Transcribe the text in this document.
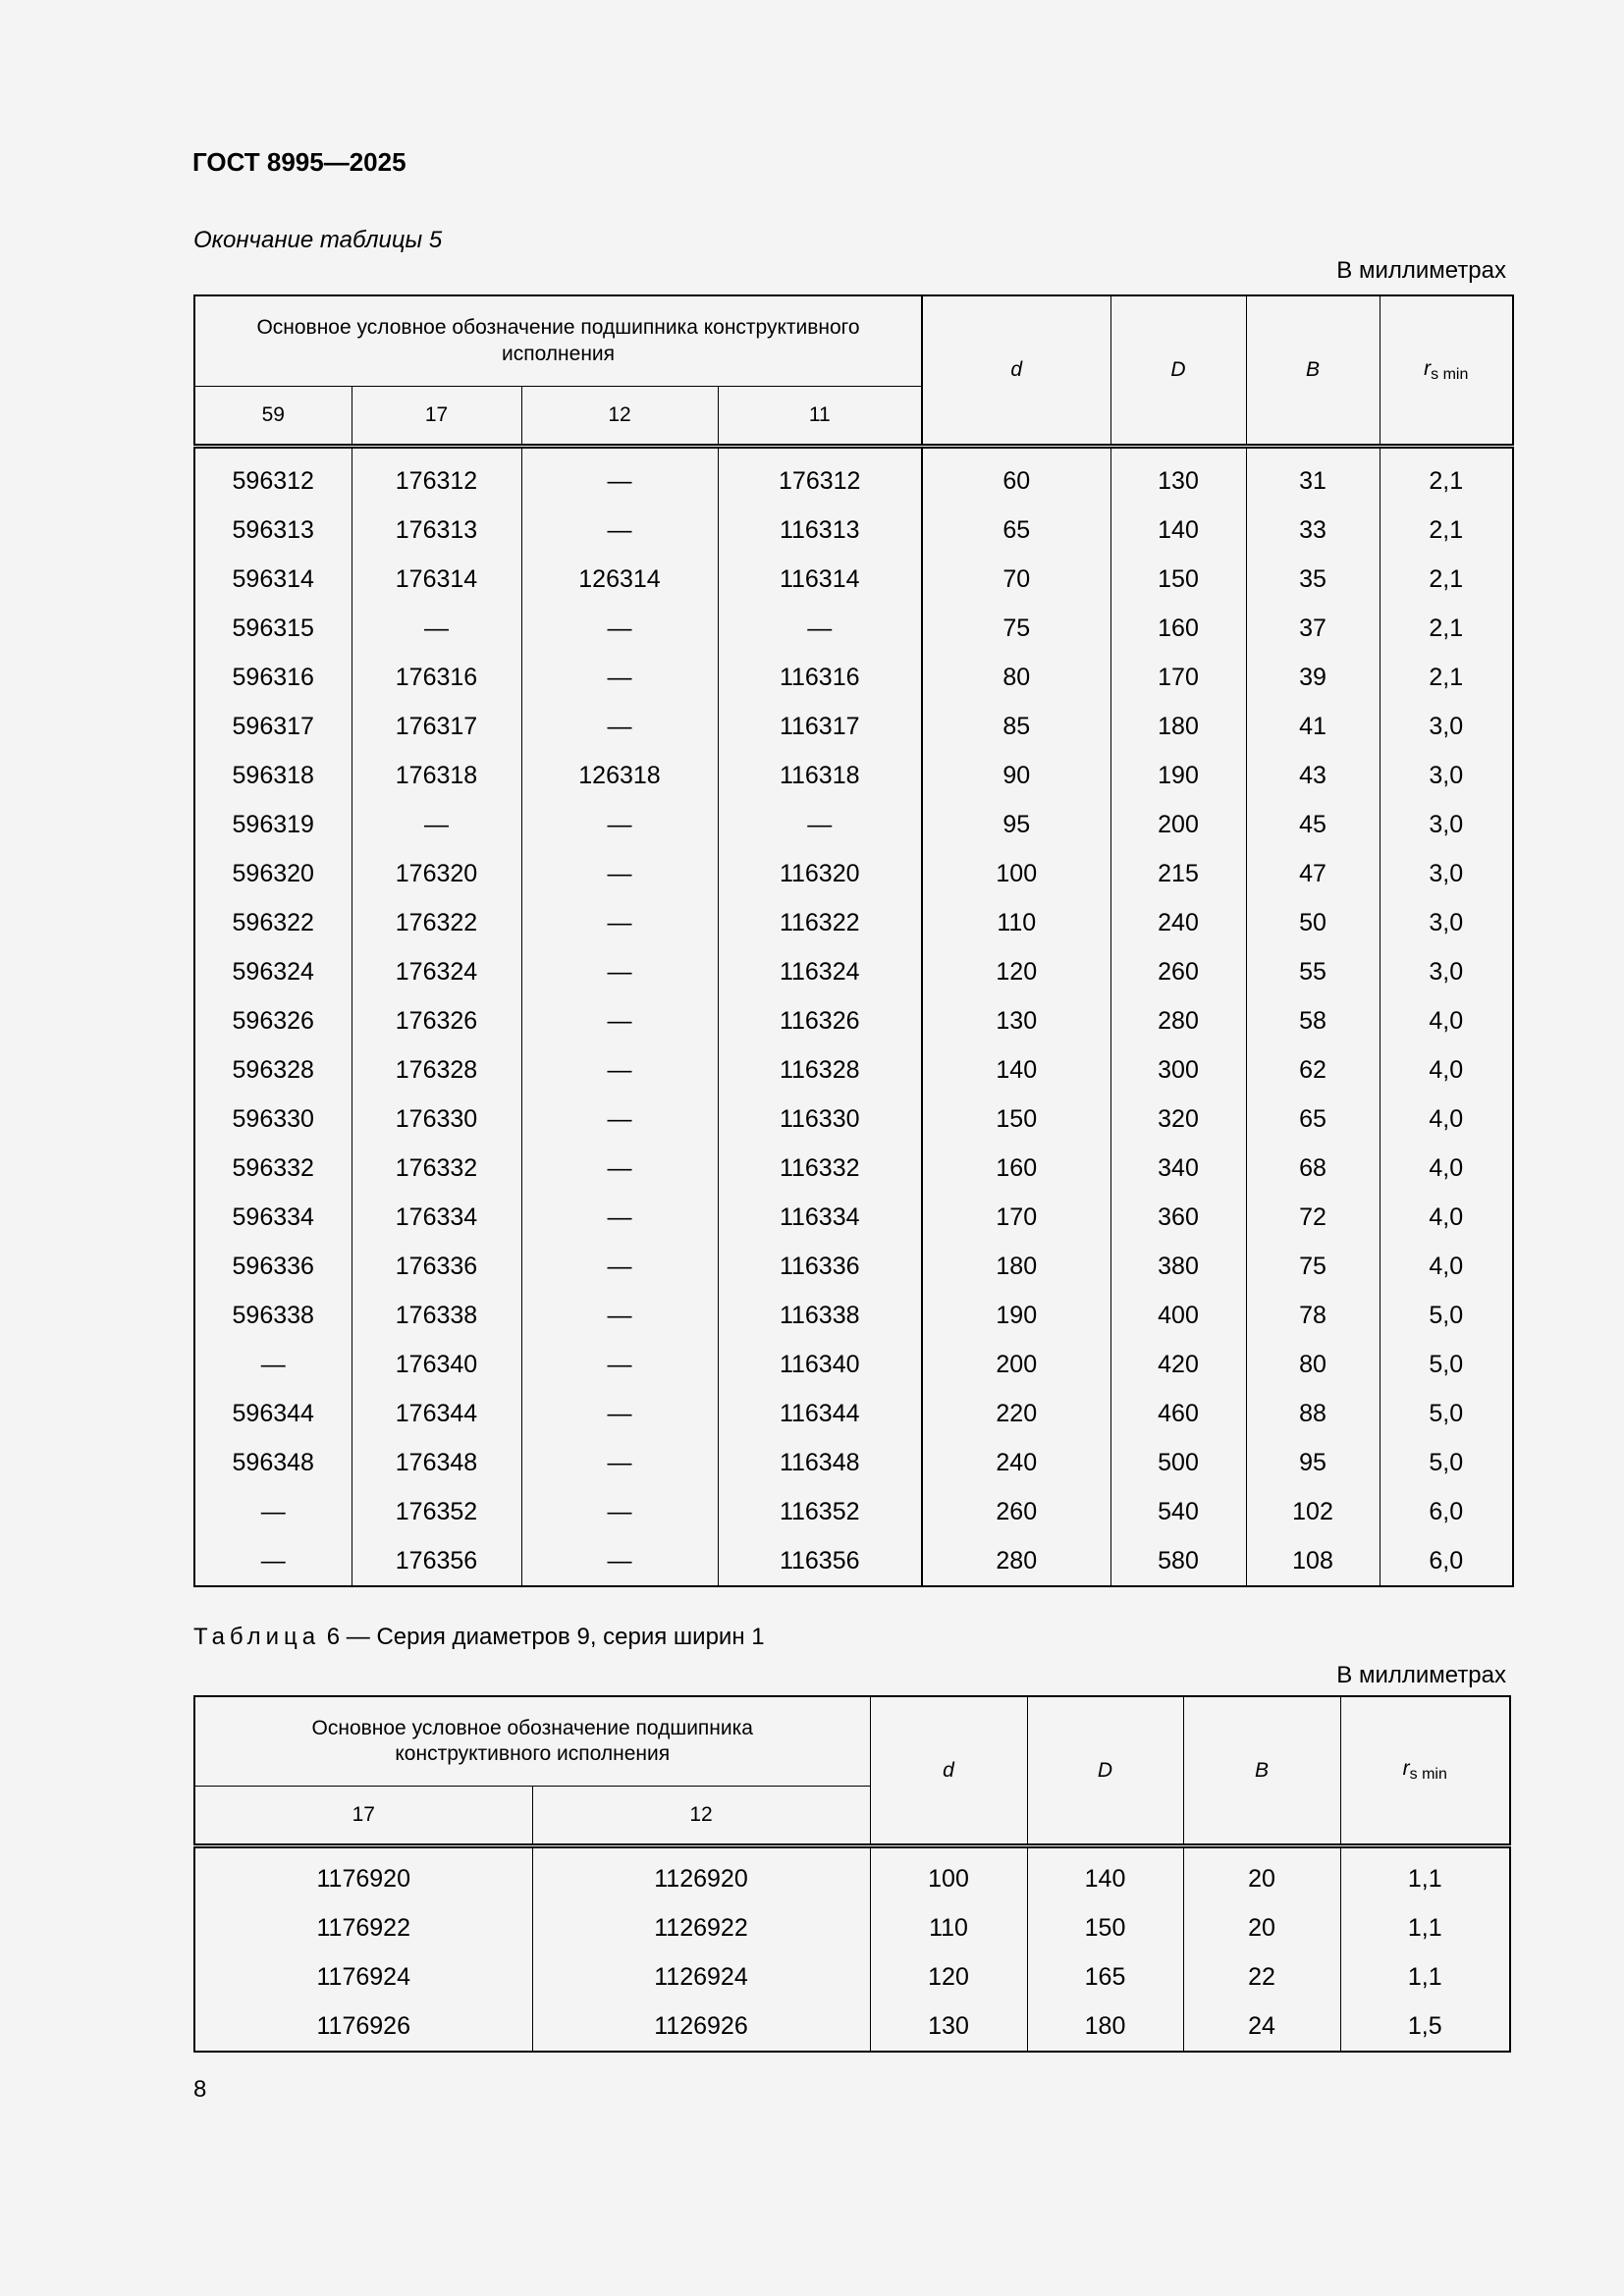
ГОСТ 8995—2025
Окончание таблицы 5
В миллиметрах
Основное условное обозначение подшипника конструктивного исполнения				d	D	B	$r_{s min}$
59	17	12	11				
596312	176312	—	176312	60	130	31	2,1
596313	176313	—	116313	65	140	33	2,1
596314	176314	126314	116314	70	150	35	2,1
596315	—	—	—	75	160	37	2,1
596316	176316	—	116316	80	170	39	2,1
596317	176317	—	116317	85	180	41	3,0
596318	176318	126318	116318	90	190	43	3,0
596319	—	—	—	95	200	45	3,0
596320	176320	—	116320	100	215	47	3,0
596322	176322	—	116322	110	240	50	3,0
596324	176324	—	116324	120	260	55	3,0
596326	176326	—	116326	130	280	58	4,0
596328	176328	—	116328	140	300	62	4,0
596330	176330	—	116330	150	320	65	4,0
596332	176332	—	116332	160	340	68	4,0
596334	176334	—	116334	170	360	72	4,0
596336	176336	—	116336	180	380	75	4,0
596338	176338	—	116338	190	400	78	5,0
—	176340	—	116340	200	420	80	5,0
596344	176344	—	116344	220	460	88	5,0
596348	176348	—	116348	240	500	95	5,0
—	176352	—	116352	260	540	102	6,0
—	176356	—	116356	280	580	108	6,0
Таблица 6 — Серия диаметров 9, серия ширин 1
В миллиметрах
Основное условное обозначение подшипника конструктивного исполнения		d	D	B	$r_{s min}$
17	12				
1176920	1126920	100	140	20	1,1
1176922	1126922	110	150	20	1,1
1176924	1126924	120	165	22	1,1
1176926	1126926	130	180	24	1,5
8
